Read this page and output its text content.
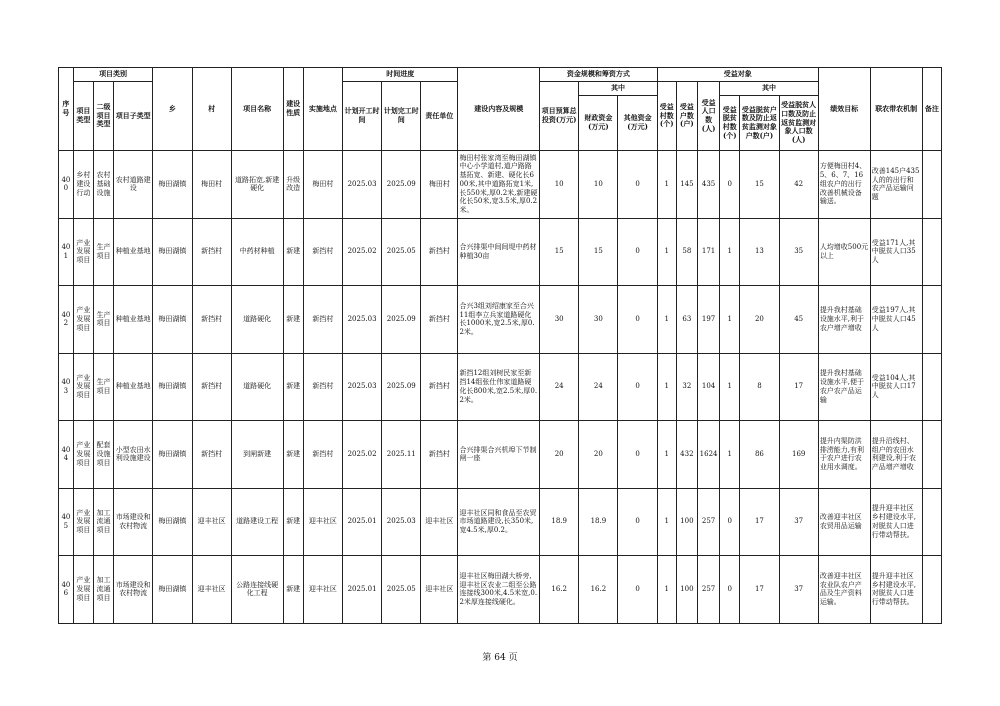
序号	项目类别			乡	村	项目名称	建设性质	实施地点	时间进度			建设内容及规模	资金规模和筹资方式			受益对象						绩效目标	联农带农机制	备注
	项目类型	二级项目类型	项目子类型						计划开工时间	计划完工时间	责任单位		项目预算总投资(万元)	其中		受益村数(个)	受益户数(户)	受益人口数(人)	其中					
														财政资金(万元)	其他资金(万元)				受益脱贫村数(个)	受益脱贫户数及防止返贫监测对象户数(户)	受益脱贫人口数及防止返贫监测对象人口数(人)			
400	乡村建设行动	农村基础设施	农村道路建设	梅田湖镇	梅田村	道路拓宽,新建硬化	升级改造	梅田村	2025.03	2025.09	梅田村	梅田村张家湾至梅田湖镇中心小学道村,道户路路基拓宽、新建、硬化长600米,其中道路拓宽1米,长550米,厚0.2米,新建硬化长50米,宽3.5米,厚0.2米。	10	10	0	1	145	435	0	15	42	方便梅田村4、5、6、7、16组农户的出行改善机械设备输送。	改善145户435人的的出行和农产品运输问题	
401	产业发展项目	生产项目	种植业基地	梅田湖镇	新挡村	中药材种植	新建	新挡村	2025.02	2025.05	新挡村	合兴排渠中间间堤中药材种植30亩	15	15	0	1	58	171	1	13	35	人均增收500元以上	受益171人,其中脱贫人口35人	
402	产业发展项目	生产项目	种植业基地	梅田湖镇	新挡村	道路硬化	新建	新挡村	2025.03	2025.09	新挡村	合兴3组刘绍康家至合兴11组李立兵家道路硬化长1000米,宽2.5米,厚0.2米。	30	30	0	1	63	197	1	20	45	提升我村基础设施水平,利于农户增产增收	受益197人,其中脱贫人口45人	
403	产业发展项目	生产项目	种植业基地	梅田湖镇	新挡村	道路硬化	新建	新挡村	2025.03	2025.09	新挡村	新挡12组刘树民家至新挡14组张仕伟家道路硬化长800米,宽2.5米,厚0.2米。	24	24	0	1	32	104	1	8	17	提升我村基础设施水平,便于农户农产品运输	受益104人,其中脱贫人口17人	
404	产业发展项目	配套设施项目	小型农田水利设施建设	梅田湖镇	新挡村	到闸新建	新建	新挡村	2025.02	2025.11	新挡村	合兴排渠合兴机埠下节制闸一座	20	20	0	1	432	1624	1	86	169	提升内渠防洪排涝能力,有利于农户进行农业用水调度。	提升沿线村、组户的农田水利建设,利于农产品增产增收	
405	产业发展项目	加工流通项目	市场建设和农村物流	梅田湖镇	迎丰社区	道路建设工程	新建	迎丰社区	2025.01	2025.03	迎丰社区	迎丰社区同和食品至农贸市场道路建设,长350米,宽4.5米,厚0.2。	18.9	18.9	0	1	100	257	0	17	37	改善迎丰社区农贸用品运输	提升迎丰社区乡村建设水平,对脱贫人口进行带动帮扶。	
406	产业发展项目	加工流通项目	市场建设和农村物流	梅田湖镇	迎丰社区	公路连接线硬化工程	新建	迎丰社区	2025.01	2025.05	迎丰社区	迎丰社区梅田湖大桥旁,迎丰社区农业二组至公路连接线300米,4.5米宽,0.2米厚连接线硬化。	16.2	16.2	0	1	100	257	0	17	37	改善迎丰社区农业队农户产品及生产资料运输。	提升迎丰社区乡村建设水平,对脱贫人口进行带动帮扶。	
第 64 页
